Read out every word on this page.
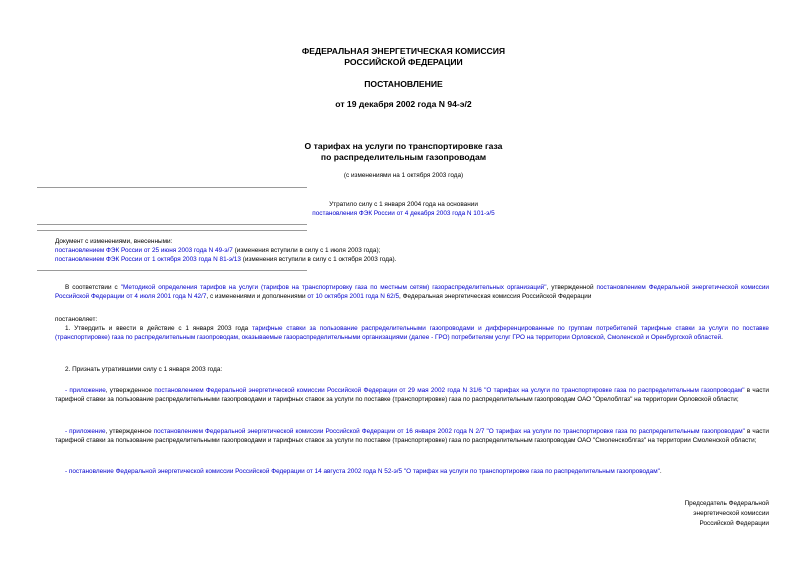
ФЕДЕРАЛЬНАЯ ЭНЕРГЕТИЧЕСКАЯ КОМИССИЯ
РОССИЙСКОЙ ФЕДЕРАЦИИ
ПОСТАНОВЛЕНИЕ
от 19 декабря 2002 года N 94-э/2
О тарифах на услуги по транспортировке газа
по распределительным газопроводам
(с изменениями на 1 октября 2003 года)
Утратило силу с 1 января 2004 года на основании
постановления ФЭК России от 4 декабря 2003 года N 101-э/5
Документ с изменениями, внесенными:
постановлением ФЭК России от 25 июня 2003 года N 49-э/7 (изменения вступили в силу с 1 июля 2003 года);
постановлением ФЭК России от 1 октября 2003 года N 81-э/13 (изменения вступили в силу с 1 октября 2003 года).
В соответствии с "Методикой определения тарифов на услуги (тарифов на транспортировку газа по местным сетям) газораспределительных организаций", утвержденной постановлением Федеральной энергетической комиссии Российской Федерации от 4 июля 2001 года N 42/7, с изменениями и дополнениями от 10 октября 2001 года N 62/5, Федеральная энергетическая комиссия Российской Федерации
постановляет:
1. Утвердить и ввести в действие с 1 января 2003 года тарифные ставки за пользование распределительными газопроводами и дифференцированные по группам потребителей тарифные ставки за услуги по поставке (транспортировке) газа по распределительным газопроводам, оказываемые газораспределительными организациями (далее - ГРО) потребителям услуг ГРО на территории Орловской, Смоленской и Оренбургской областей.
2. Признать утратившими силу с 1 января 2003 года:
- приложение, утвержденное постановлением Федеральной энергетической комиссии Российской Федерации от 29 мая 2002 года N 31/6 "О тарифах на услуги по транспортировке газа по распределительным газопроводам" в части тарифной ставки за пользование распределительными газопроводами и тарифных ставок за услуги по поставке (транспортировке) газа по распределительным газопроводам ОАО "Орелоблгаз" на территории Орловской области;
- приложение, утвержденное постановлением Федеральной энергетической комиссии Российской Федерации от 16 января 2002 года N 2/7 "О тарифах на услуги по транспортировке газа по распределительным газопроводам" в части тарифной ставки за пользование распределительными газопроводами и тарифных ставок за услуги по поставке (транспортировке) газа по распределительным газопроводам ОАО "Смоленскоблгаз" на территории Смоленской области;
- постановление Федеральной энергетической комиссии Российской Федерации от 14 августа 2002 года N 52-э/5 "О тарифах на услуги по транспортировке газа по распределительным газопроводам".
Председатель Федеральной
энергетической комиссии
Российской Федерации
